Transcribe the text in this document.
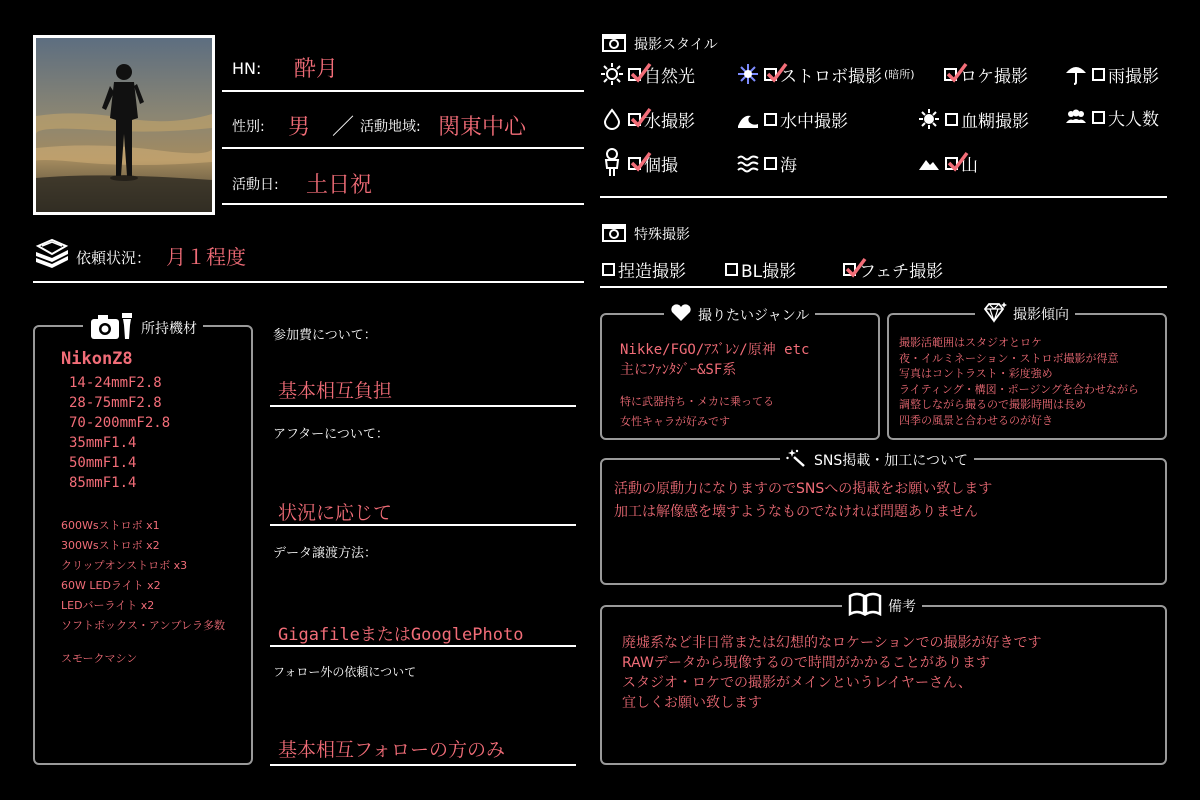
HN: 酔月
性別: 男 ／ 活動地域: 関東中心
活動日: 土日祝
依頼状況： 月１程度
所持機材
NikonZ8
14-24mmF2.8
28-75mmF2.8
70-200mmF2.8
35mmF1.4
50mmF1.4
85mmF1.4
600Wsストロボ x1
300Wsストロボ x2
クリップオンストロボ x3
60W LEDライト x2
LEDバーライト x2
ソフトボックス・アンブレラ多数
スモークマシン
参加費について：
基本相互負担
アフターについて：
状況に応じて
データ譲渡方法：
GigafileまたはGooglePhoto
フォロー外の依頼について
基本相互フォローの方のみ
撮影スタイル
自然光	ストロボ撮影 (暗所)	ロケ撮影	雨撮影
水撮影	水中撮影	血糊撮影	大人数
個撮	海	山
特殊撮影
捏造撮影	BL撮影	フェチ撮影
撮りたいジャンル
Nikke/FGO/ｱｽﾞﾚﾝ/原神 etc
主にﾌｧﾝﾀｼﾞｰ&SF系
特に武器持ち・メカに乗ってる
女性キャラが好みです
撮影傾向
撮影活範囲はスタジオとロケ
夜・イルミネーション・ストロボ撮影が得意
写真はコントラスト・彩度強め
ライティング・構図・ポージングを合わせながら
調整しながら撮るので撮影時間は長め
四季の風景と合わせるのが好き
SNS掲載・加工について
活動の原動力になりますのでSNSへの掲載をお願い致します
加工は解像感を壊すようなものでなければ問題ありません
備考
廃墟系など非日常または幻想的なロケーションでの撮影が好きです
RAWデータから現像するので時間がかかることがあります
スタジオ・ロケでの撮影がメインというレイヤーさん、
宜しくお願い致します
